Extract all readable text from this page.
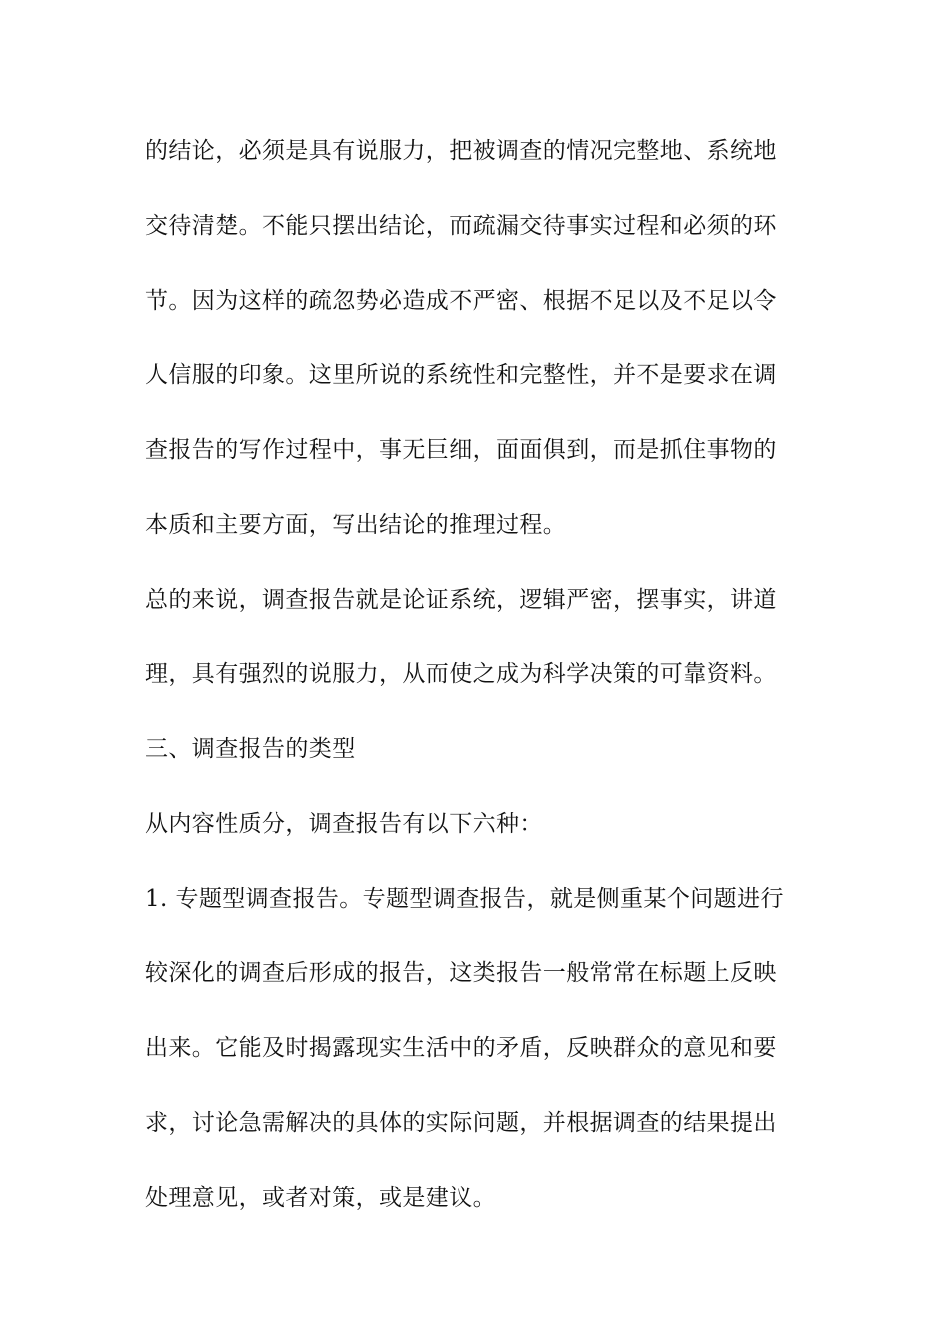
的结论，必须是具有说服力，把被调查的情况完整地、系统地
交待清楚。不能只摆出结论，而疏漏交待事实过程和必须的环
节。因为这样的疏忽势必造成不严密、根据不足以及不足以令
人信服的印象。这里所说的系统性和完整性，并不是要求在调
查报告的写作过程中，事无巨细，面面俱到，而是抓住事物的
本质和主要方面，写出结论的推理过程。
总的来说，调查报告就是论证系统，逻辑严密，摆事实，讲道
理，具有强烈的说服力，从而使之成为科学决策的可靠资料。
三、调查报告的类型
从内容性质分，调查报告有以下六种：
1. 专题型调查报告。专题型调查报告，就是侧重某个问题进行
较深化的调查后形成的报告，这类报告一般常常在标题上反映
出来。它能及时揭露现实生活中的矛盾，反映群众的意见和要
求，讨论急需解决的具体的实际问题，并根据调查的结果提出
处理意见，或者对策，或是建议。
